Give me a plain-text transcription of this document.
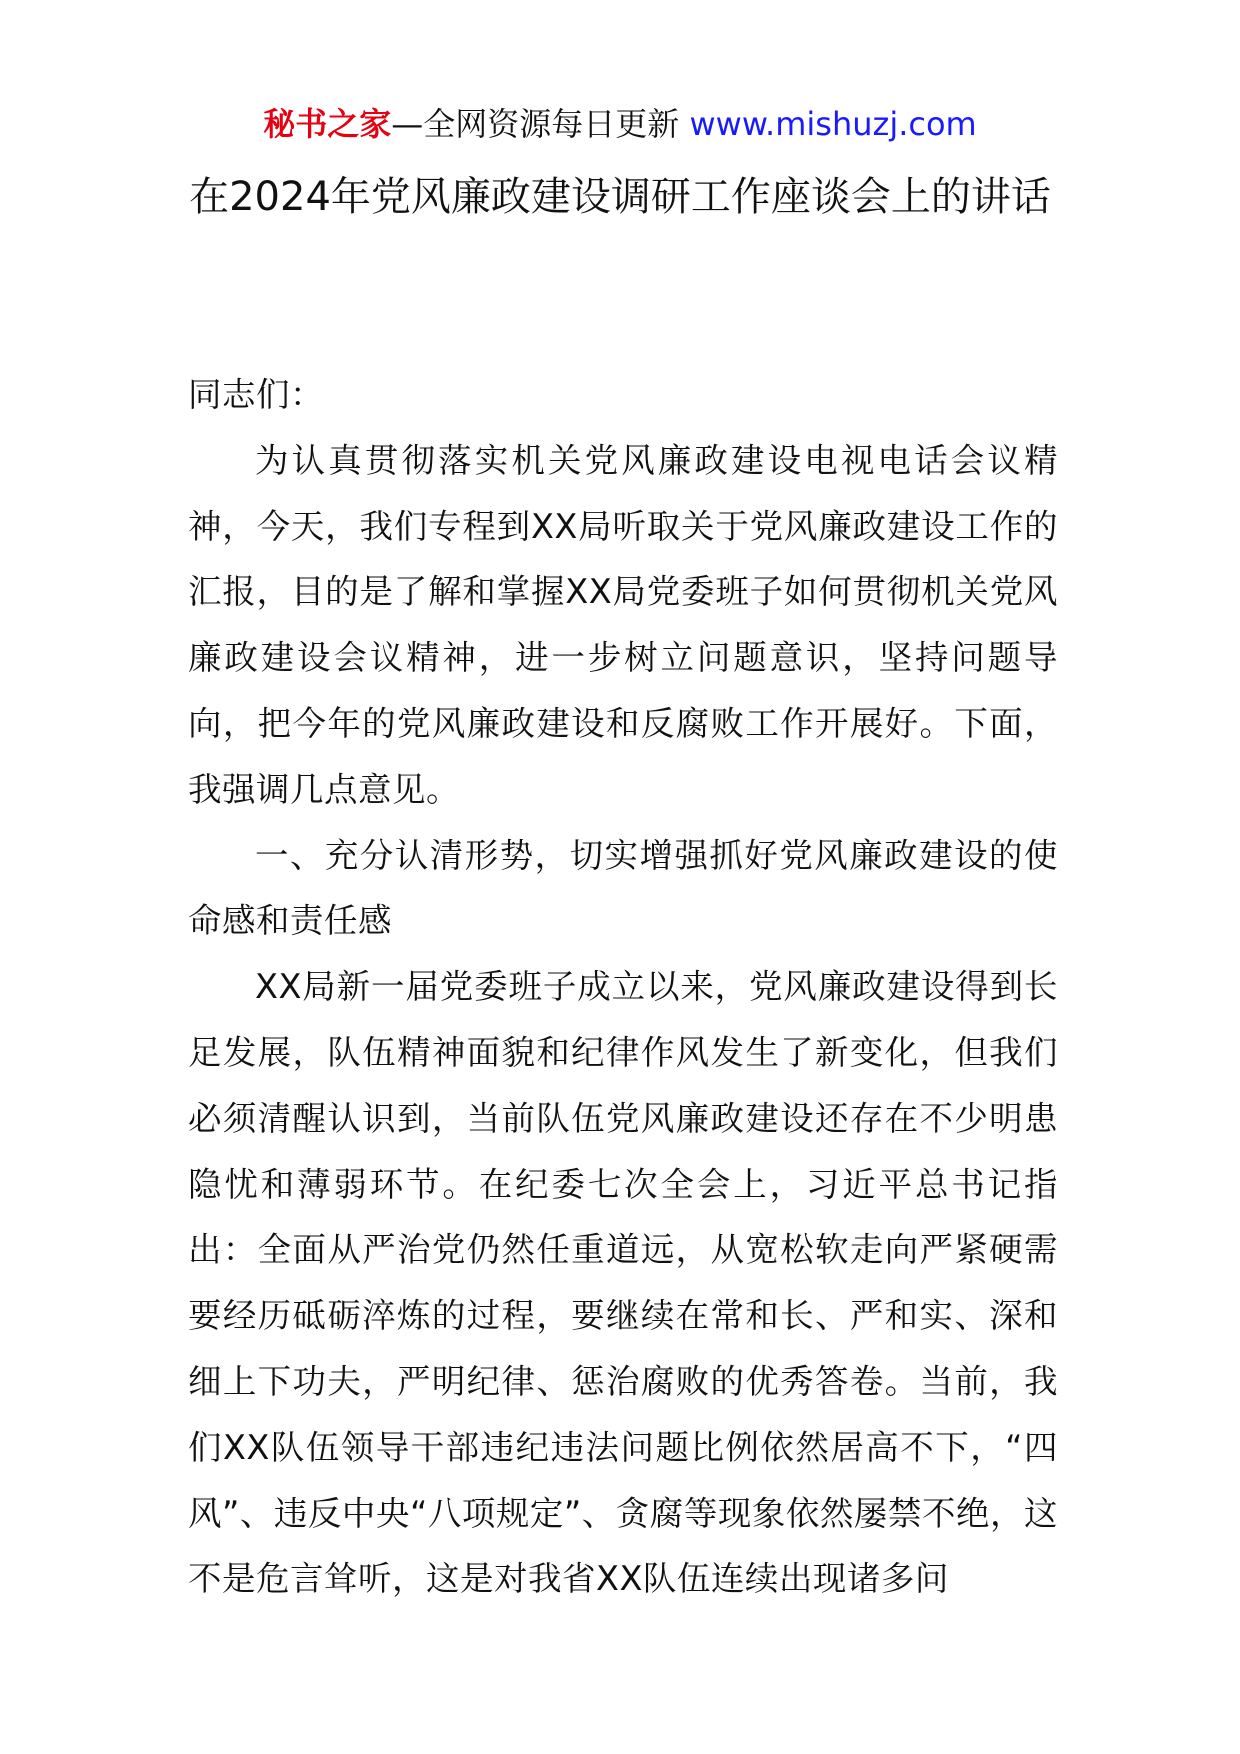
秘书之家—全网资源每日更新 www.mishuzj.com
在2024年党风廉政建设调研工作座谈会上的讲话

同志们：

为认真贯彻落实机关党风廉政建设电视电话会议精神，今天，我们专程到XX局听取关于党风廉政建设工作的汇报，目的是了解和掌握XX局党委班子如何贯彻机关党风廉政建设会议精神，进一步树立问题意识，坚持问题导向，把今年的党风廉政建设和反腐败工作开展好。下面，我强调几点意见。

一、充分认清形势，切实增强抓好党风廉政建设的使命感和责任感

XX局新一届党委班子成立以来，党风廉政建设得到长足发展，队伍精神面貌和纪律作风发生了新变化，但我们必须清醒认识到，当前队伍党风廉政建设还存在不少明患隐忧和薄弱环节。在纪委七次全会上，习近平总书记指出：全面从严治党仍然任重道远，从宽松软走向严紧硬需要经历砥砺淬炼的过程，要继续在常和长、严和实、深和细上下功夫，严明纪律、惩治腐败的优秀答卷。当前，我们XX队伍领导干部违纪违法问题比例依然居高不下，“四风”、违反中央“八项规定”、贪腐等现象依然屡禁不绝，这不是危言耸听，这是对我省XX队伍连续出现诸多问
